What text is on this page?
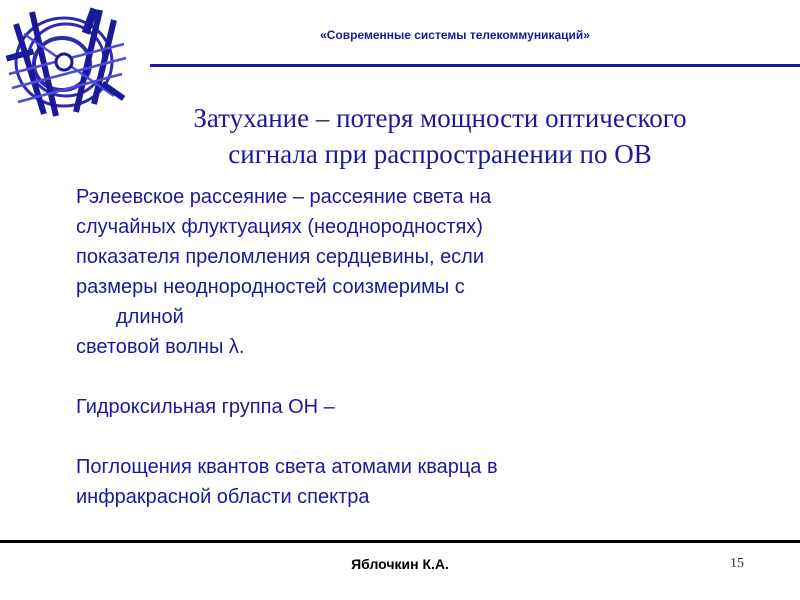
«Современные системы телекоммуникаций»
Затухание – потеря мощности оптического
сигнала при распространении по ОВ
Рэлеевское рассеяние – рассеяние света на
случайных флуктуациях (неоднородностях)
показателя преломления сердцевины, если
размеры неоднородностей соизмеримы с
длиной
световой волны λ.
Гидроксильная группа ОН –
Поглощения квантов света атомами кварца в
инфракрасной области спектра
Яблочкин К.А.	15
